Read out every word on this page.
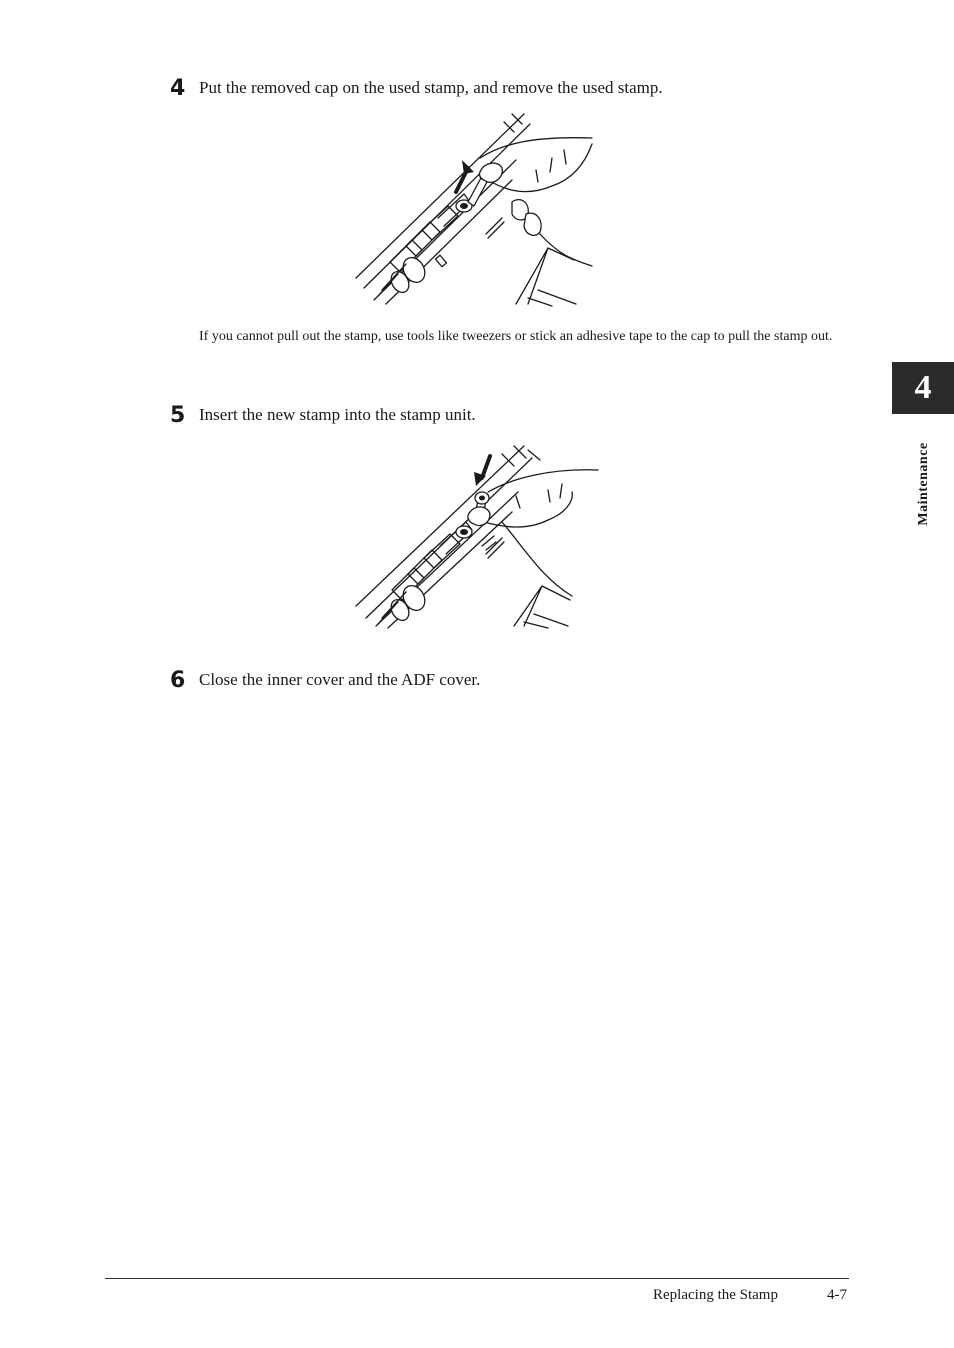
4 Put the removed cap on the used stamp, and remove the used stamp.
If you cannot pull out the stamp, use tools like tweezers or stick an adhesive tape to the cap to pull the stamp out.
5 Insert the new stamp into the stamp unit.
6 Close the inner cover and the ADF cover.
4
Maintenance
Replacing the Stamp	4-7
